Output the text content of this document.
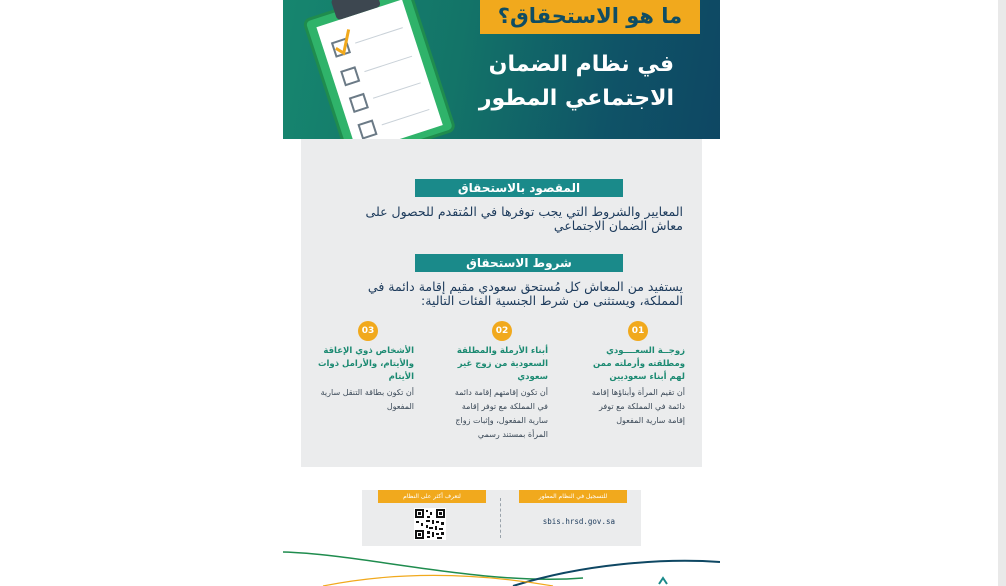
ما هو الاستحقاق؟
في نظام الضمان
الاجتماعي المطور
المقصود بالاستحقاق
المعايير والشروط التي يجب توفرها في المُتقدم للحصول على معاش الضمان الاجتماعي
شروط الاستحقاق
يستفيد من المعاش كل مُستحق سعودي مقيم إقامة دائمة في المملكة، ويستثنى من شرط الجنسية الفئات التالية:
01
زوجــة السعــــودي ومطلقته وأرملته ممن لهم أبناء سعوديين
أن تقيم المرأة وأبناؤها إقامة دائمة في المملكة مع توفر إقامة سارية المفعول
02
أبناء الأرملة والمطلقة السعودية من زوج غير سعودي
أن تكون إقامتهم إقامة دائمة في المملكة مع توفر إقامة سارية المفعول، وإثبات زواج المرأة بمستند رسمي
03
الأشخاص ذوي الإعاقة والأيتام، والأرامل ذوات الأيتام
أن تكون بطاقة التنقل سارية المفعول
للتسجيل في النظام المطور
لتعرف أكثر على النظام
sbis.hrsd.gov.sa
